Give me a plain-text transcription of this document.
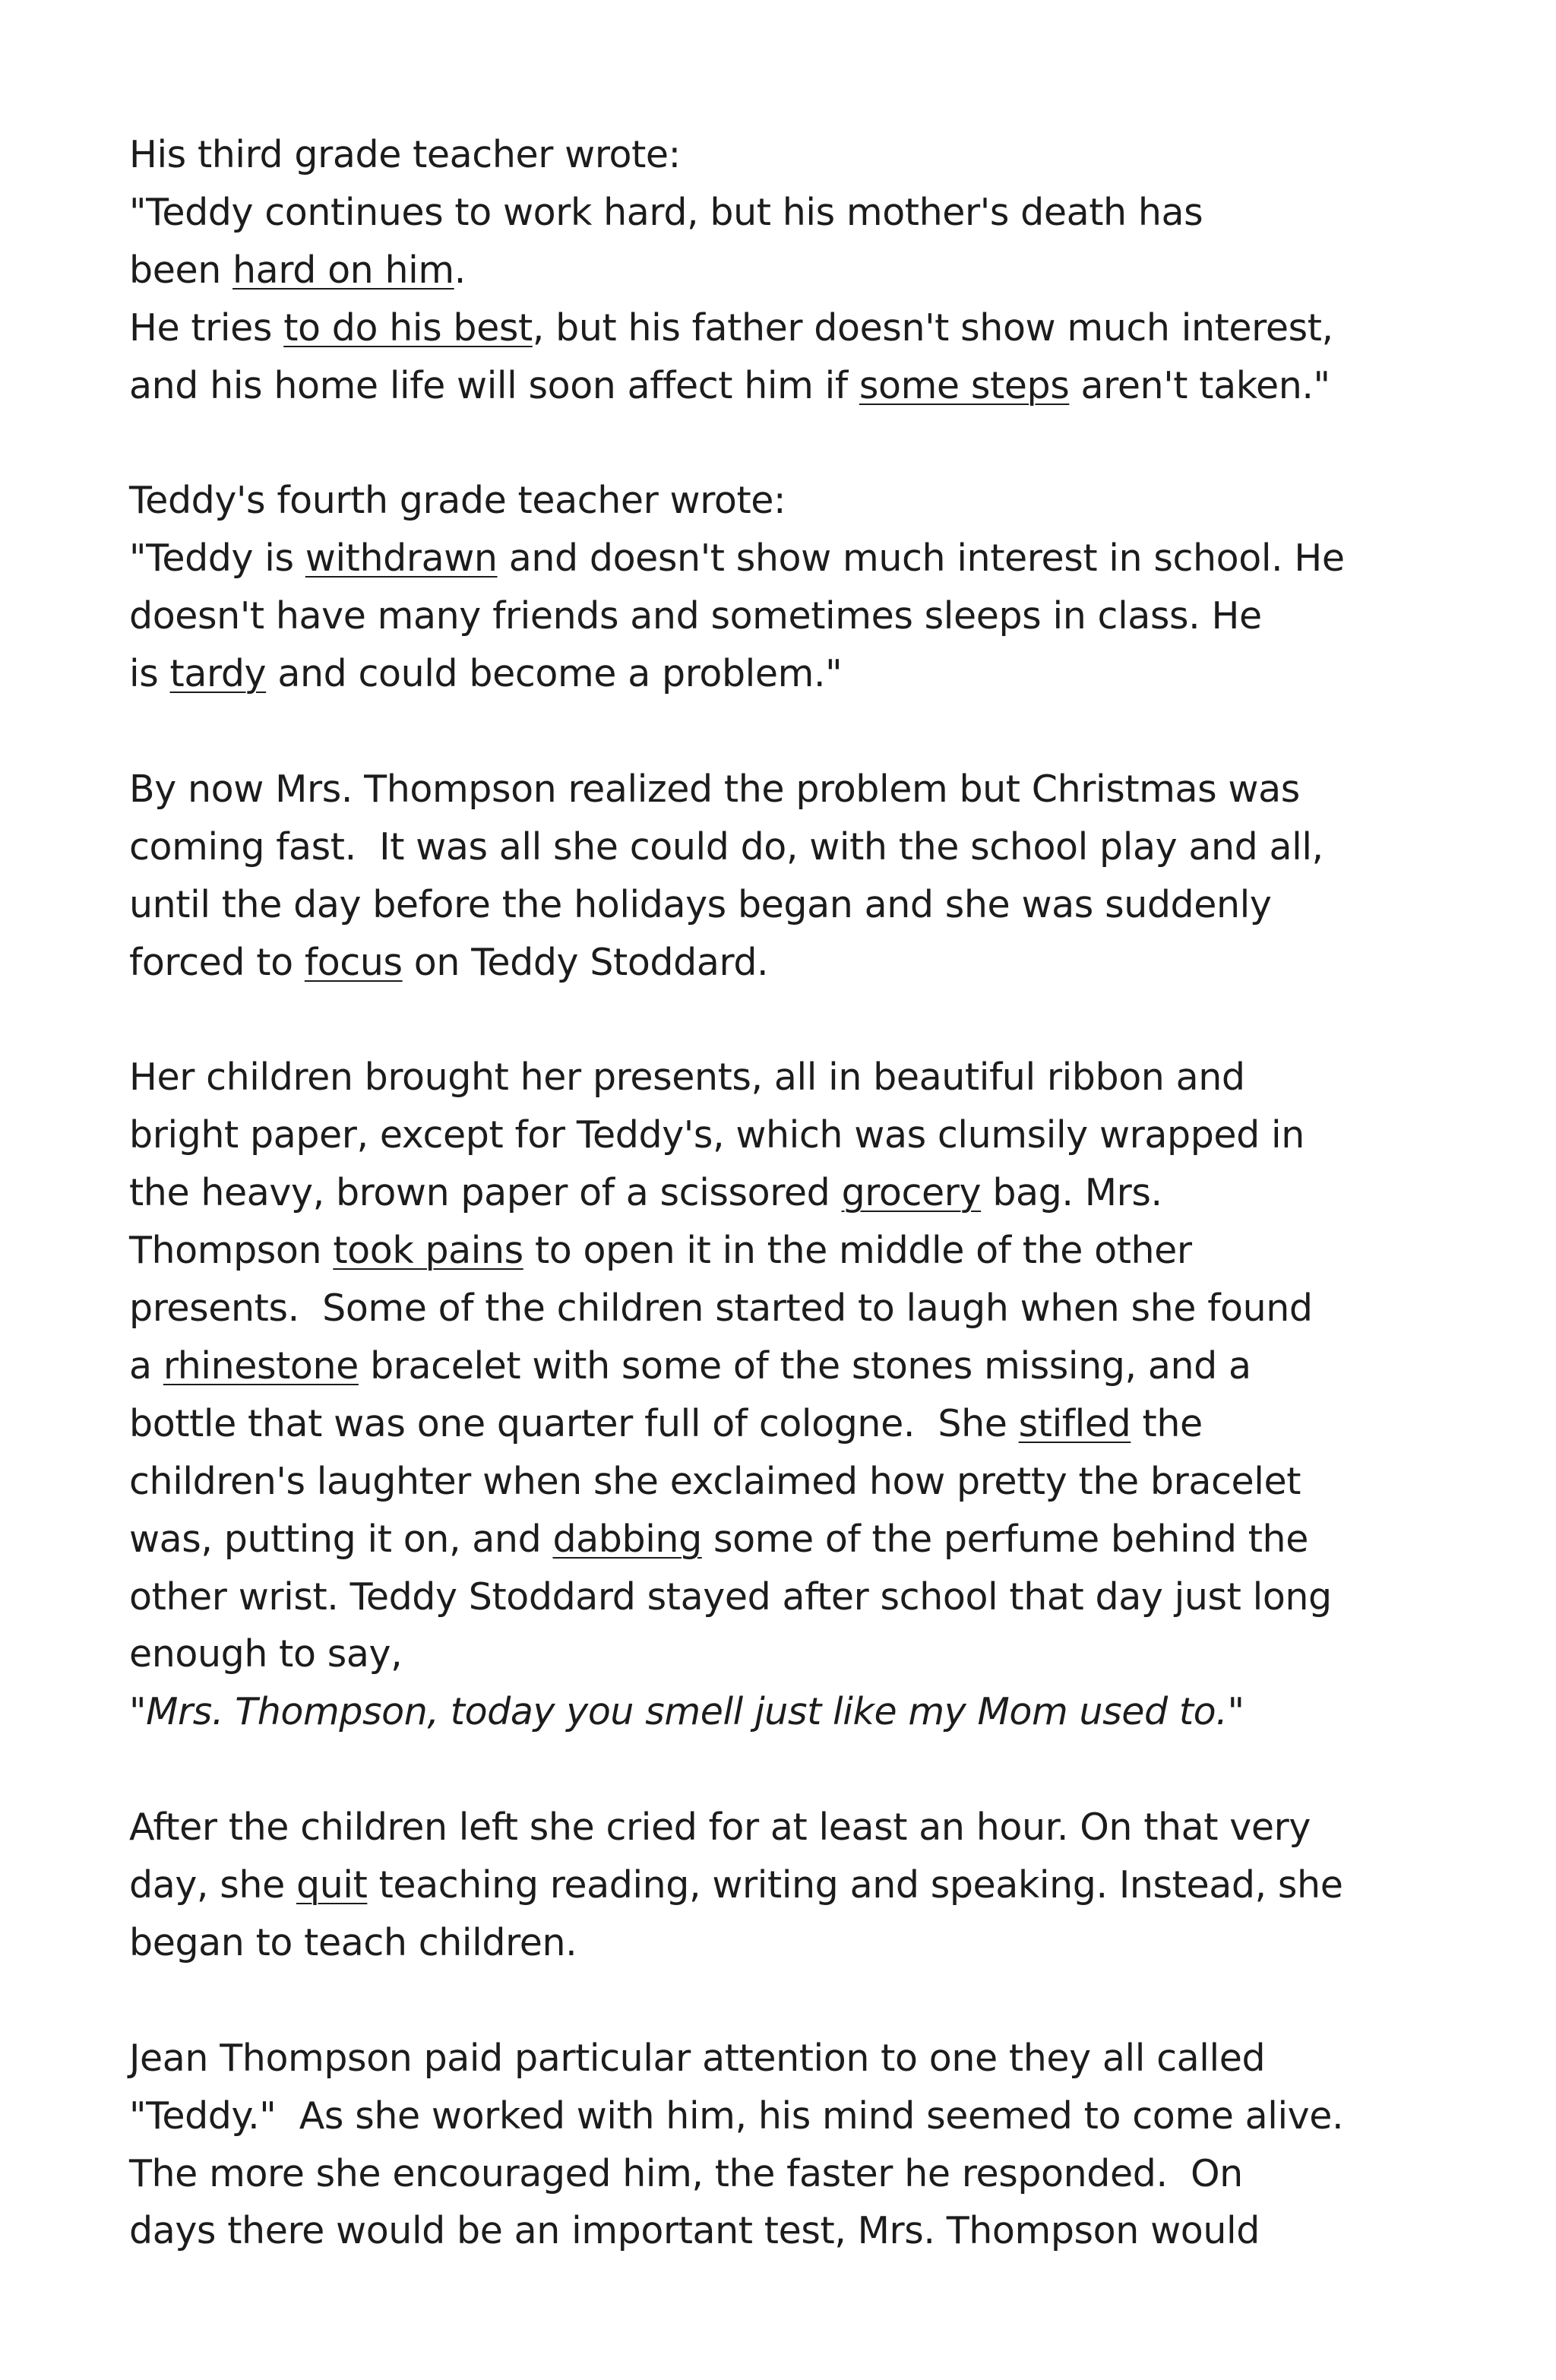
His third grade teacher wrote:
"Teddy continues to work hard, but his mother's death has
been hard on him.
He tries to do his best, but his father doesn't show much interest,
and his home life will soon affect him if some steps aren't taken."
Teddy's fourth grade teacher wrote:
"Teddy is withdrawn and doesn't show much interest in school. He
doesn't have many friends and sometimes sleeps in class. He
is tardy and could become a problem."
By now Mrs. Thompson realized the problem but Christmas was
coming fast.  It was all she could do, with the school play and all,
until the day before the holidays began and she was suddenly
forced to focus on Teddy Stoddard.
Her children brought her presents, all in beautiful ribbon and
bright paper, except for Teddy's, which was clumsily wrapped in
the heavy, brown paper of a scissored grocery bag. Mrs.
Thompson took pains to open it in the middle of the other
presents.  Some of the children started to laugh when she found
a rhinestone bracelet with some of the stones missing, and a
bottle that was one quarter full of cologne.  She stifled the
children's laughter when she exclaimed how pretty the bracelet
was, putting it on, and dabbing some of the perfume behind the
other wrist. Teddy Stoddard stayed after school that day just long
enough to say,
"Mrs. Thompson, today you smell just like my Mom used to."
After the children left she cried for at least an hour. On that very
day, she quit teaching reading, writing and speaking. Instead, she
began to teach children.
Jean Thompson paid particular attention to one they all called
"Teddy."  As she worked with him, his mind seemed to come alive.
The more she encouraged him, the faster he responded.  On
days there would be an important test, Mrs. Thompson would
